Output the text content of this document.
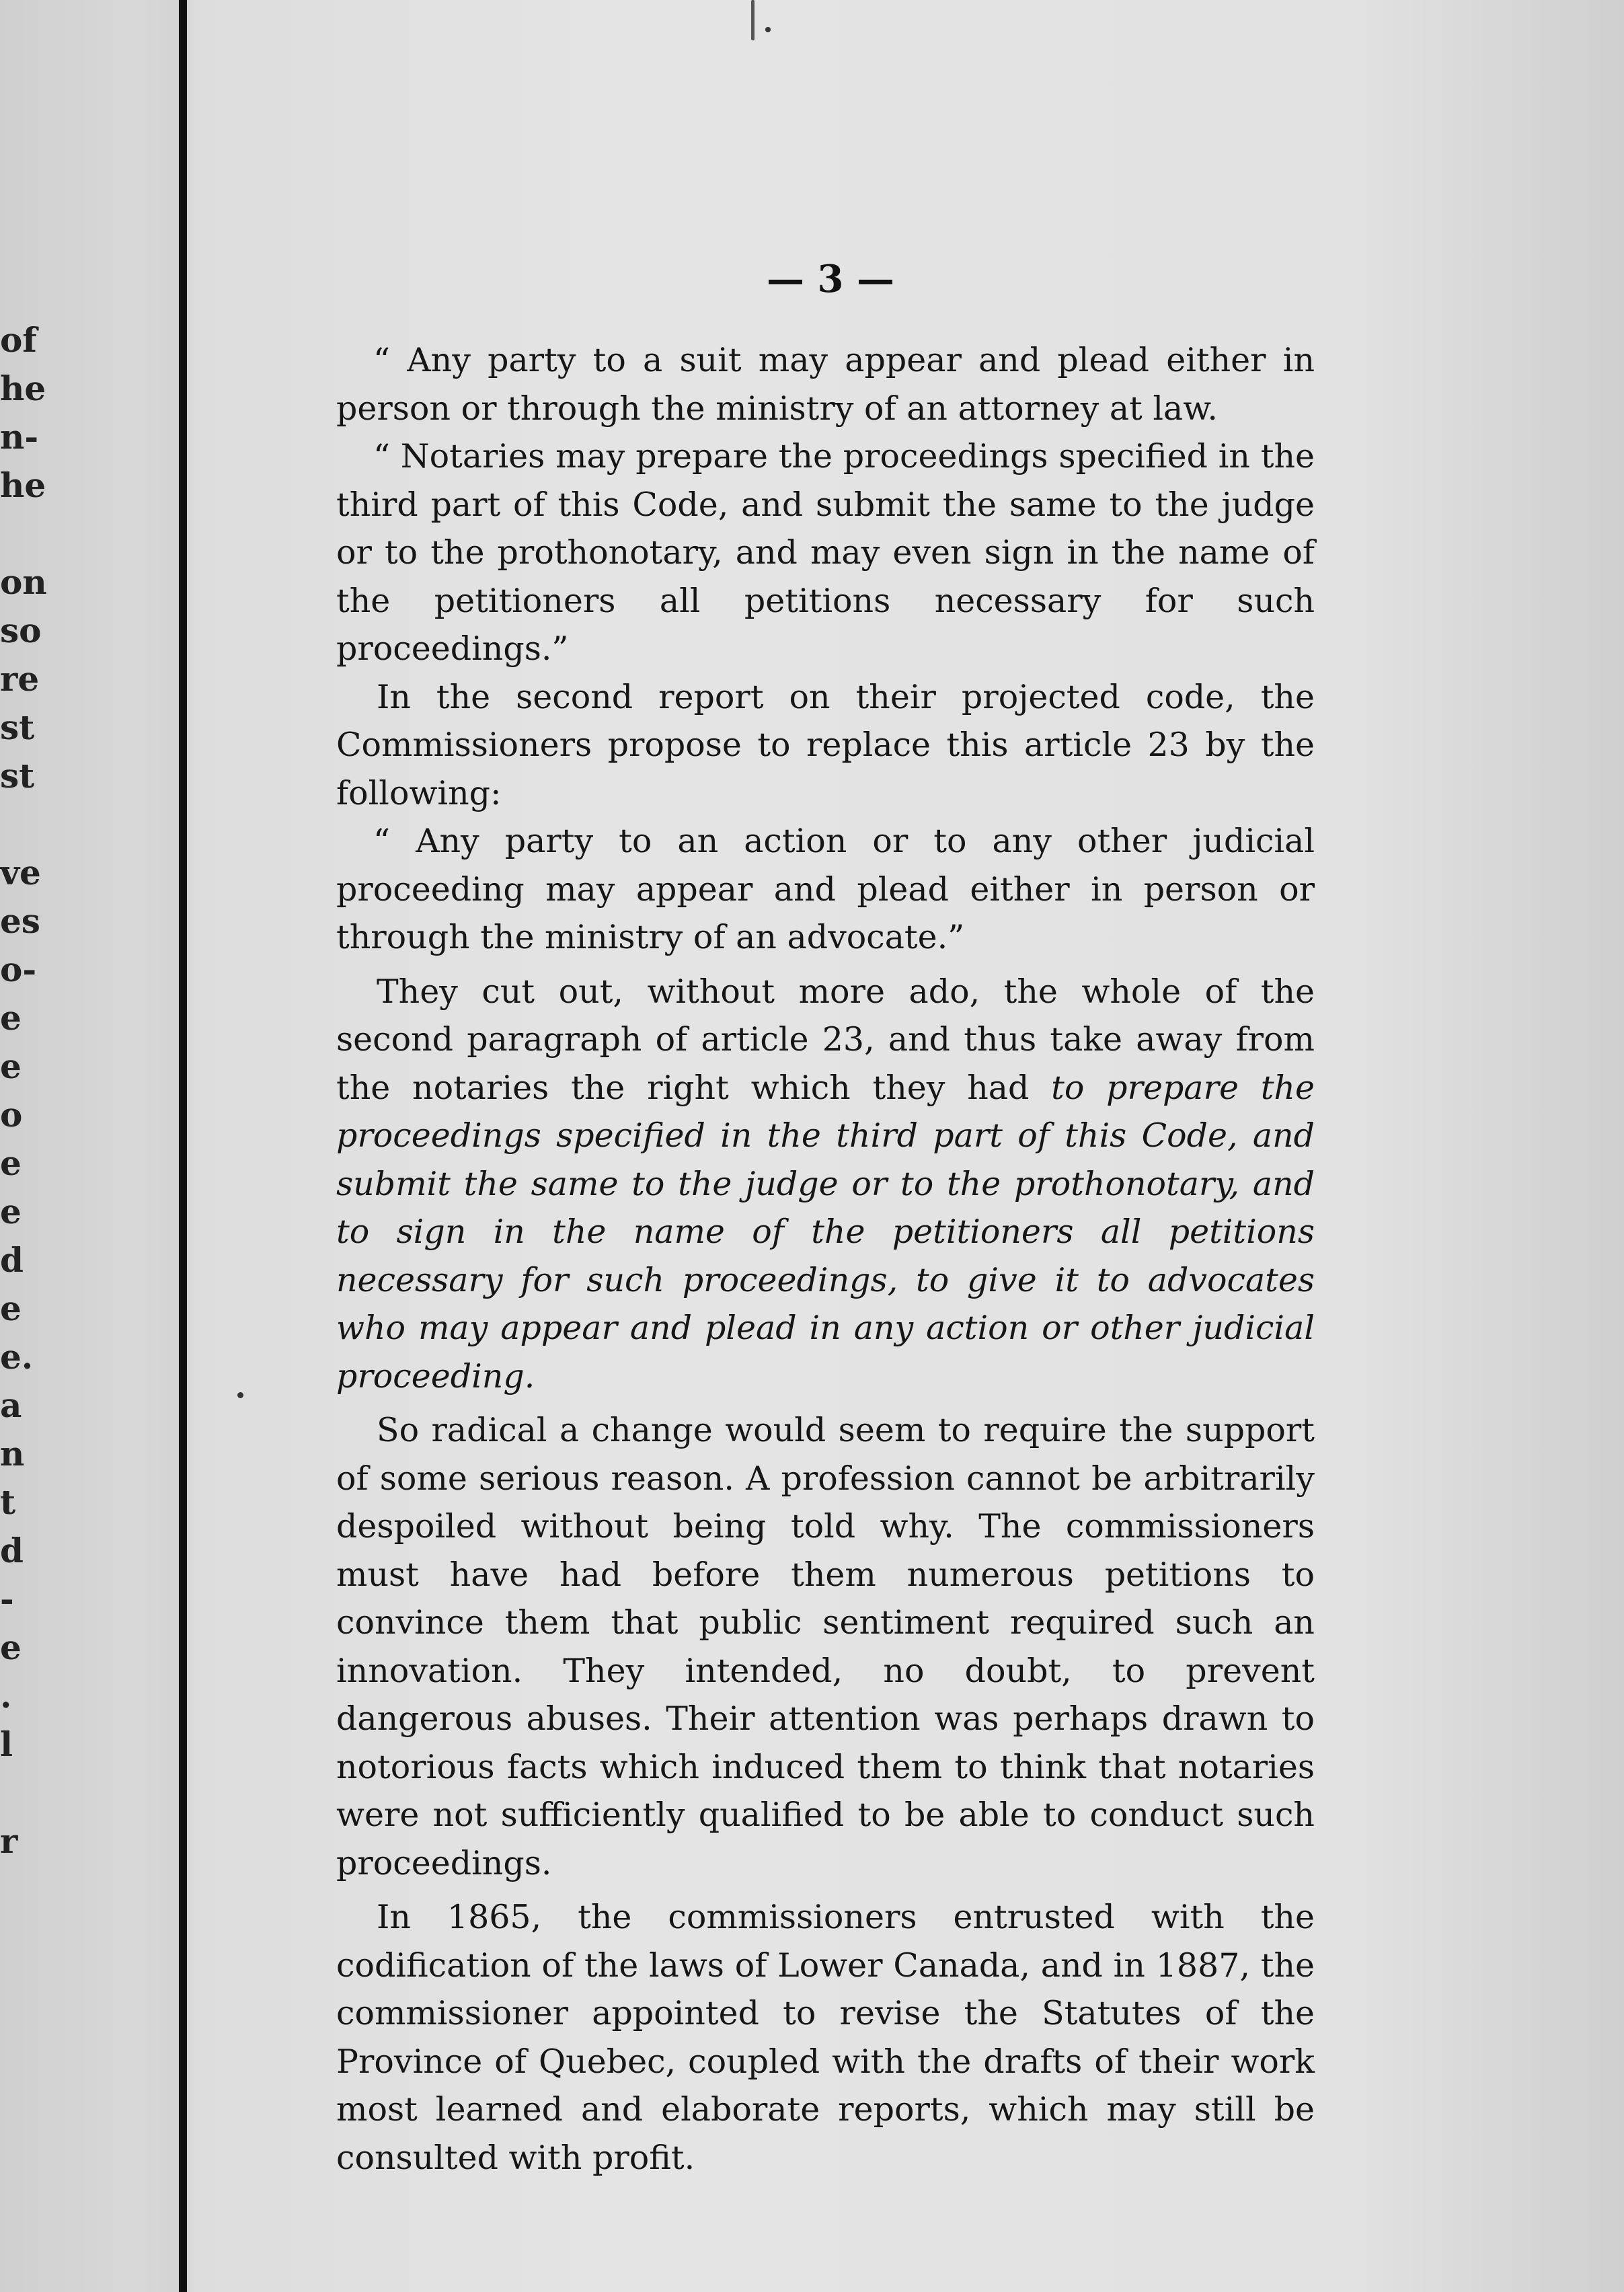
of
he
n-
he

on
so
re
st
st

ve
es
o-
e
e
o
e
e
d
e
e.
a
n
t
d
-
e
.
l

r
— 3 —

“ Any party to a suit may appear and plead either in person or through the ministry of an attorney at law.

“ Notaries may prepare the proceedings specified in the third part of this Code, and submit the same to the judge or to the prothonotary, and may even sign in the name of the petitioners all petitions necessary for such proceedings.”

In the second report on their projected code, the Commissioners propose to replace this article 23 by the following:

“ Any party to an action or to any other judicial proceeding may appear and plead either in person or through the ministry of an advocate.”

They cut out, without more ado, the whole of the second paragraph of article 23, and thus take away from the notaries the right which they had to prepare the proceedings specified in the third part of this Code, and submit the same to the judge or to the prothonotary, and to sign in the name of the petitioners all petitions necessary for such proceedings, to give it to advocates who may appear and plead in any action or other judicial proceeding.

So radical a change would seem to require the support of some serious reason. A profession cannot be arbitrarily despoiled without being told why. The commissioners must have had before them numerous petitions to convince them that public sentiment required such an innovation. They intended, no doubt, to prevent dangerous abuses. Their attention was perhaps drawn to notorious facts which induced them to think that notaries were not sufficiently qualified to be able to conduct such proceedings.

In 1865, the commissioners entrusted with the codification of the laws of Lower Canada, and in 1887, the commissioner appointed to revise the Statutes of the Province of Quebec, coupled with the drafts of their work most learned and elaborate reports, which may still be consulted with profit.
